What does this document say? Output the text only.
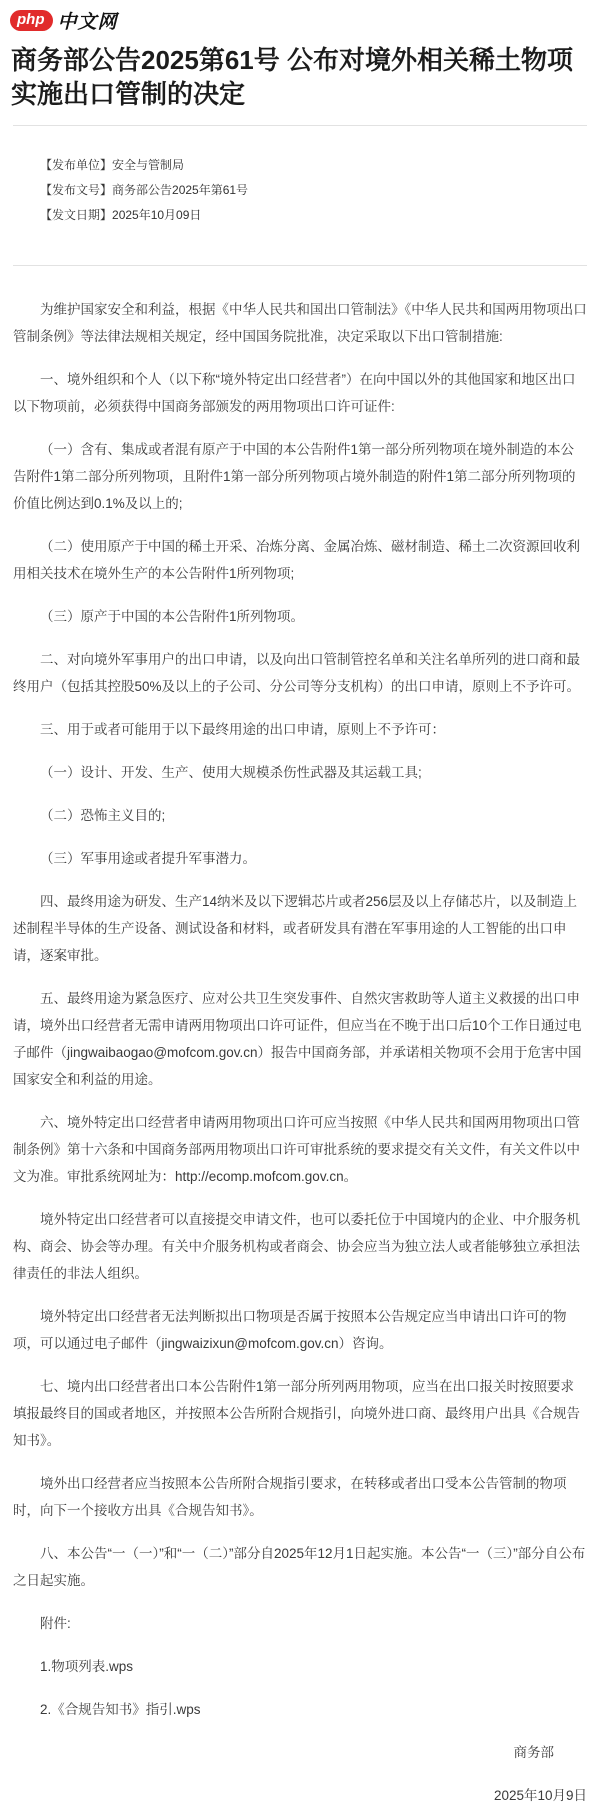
php 中文网
商务部公告2025第61号 公布对境外相关稀土物项实施出口管制的决定
【发布单位】安全与管制局
【发布文号】商务部公告2025年第61号
【发文日期】2025年10月09日

为维护国家安全和利益，根据《中华人民共和国出口管制法》《中华人民共和国两用物项出口管制条例》等法律法规相关规定，经中国国务院批准，决定采取以下出口管制措施:

一、境外组织和个人（以下称“境外特定出口经营者”）在向中国以外的其他国家和地区出口以下物项前，必须获得中国商务部颁发的两用物项出口许可证件:

（一）含有、集成或者混有原产于中国的本公告附件1第一部分所列物项在境外制造的本公告附件1第二部分所列物项，且附件1第一部分所列物项占境外制造的附件1第二部分所列物项的价值比例达到0.1%及以上的;

（二）使用原产于中国的稀土开采、冶炼分离、金属冶炼、磁材制造、稀土二次资源回收利用相关技术在境外生产的本公告附件1所列物项;

（三）原产于中国的本公告附件1所列物项。

二、对向境外军事用户的出口申请，以及向出口管制管控名单和关注名单所列的进口商和最终用户（包括其控股50%及以上的子公司、分公司等分支机构）的出口申请，原则上不予许可。

三、用于或者可能用于以下最终用途的出口申请，原则上不予许可：

（一）设计、开发、生产、使用大规模杀伤性武器及其运载工具;

（二）恐怖主义目的;

（三）军事用途或者提升军事潜力。

四、最终用途为研发、生产14纳米及以下逻辑芯片或者256层及以上存储芯片，以及制造上述制程半导体的生产设备、测试设备和材料，或者研发具有潜在军事用途的人工智能的出口申请，逐案审批。

五、最终用途为紧急医疗、应对公共卫生突发事件、自然灾害救助等人道主义救援的出口申请，境外出口经营者无需申请两用物项出口许可证件，但应当在不晚于出口后10个工作日通过电子邮件（jingwaibaogao@mofcom.gov.cn）报告中国商务部，并承诺相关物项不会用于危害中国国家安全和利益的用途。

六、境外特定出口经营者申请两用物项出口许可应当按照《中华人民共和国两用物项出口管制条例》第十六条和中国商务部两用物项出口许可审批系统的要求提交有关文件，有关文件以中文为准。审批系统网址为：http://ecomp.mofcom.gov.cn。

境外特定出口经营者可以直接提交申请文件，也可以委托位于中国境内的企业、中介服务机构、商会、协会等办理。有关中介服务机构或者商会、协会应当为独立法人或者能够独立承担法律责任的非法人组织。

境外特定出口经营者无法判断拟出口物项是否属于按照本公告规定应当申请出口许可的物项，可以通过电子邮件（jingwaizixun@mofcom.gov.cn）咨询。

七、境内出口经营者出口本公告附件1第一部分所列两用物项，应当在出口报关时按照要求填报最终目的国或者地区，并按照本公告所附合规指引，向境外进口商、最终用户出具《合规告知书》。

境外出口经营者应当按照本公告所附合规指引要求，在转移或者出口受本公告管制的物项时，向下一个接收方出具《合规告知书》。

八、本公告“一（一）”和“一（二）”部分自2025年12月1日起实施。本公告“一（三）”部分自公布之日起实施。

附件:

1.物项列表.wps

2.《合规告知书》指引.wps

商务部

2025年10月9日
